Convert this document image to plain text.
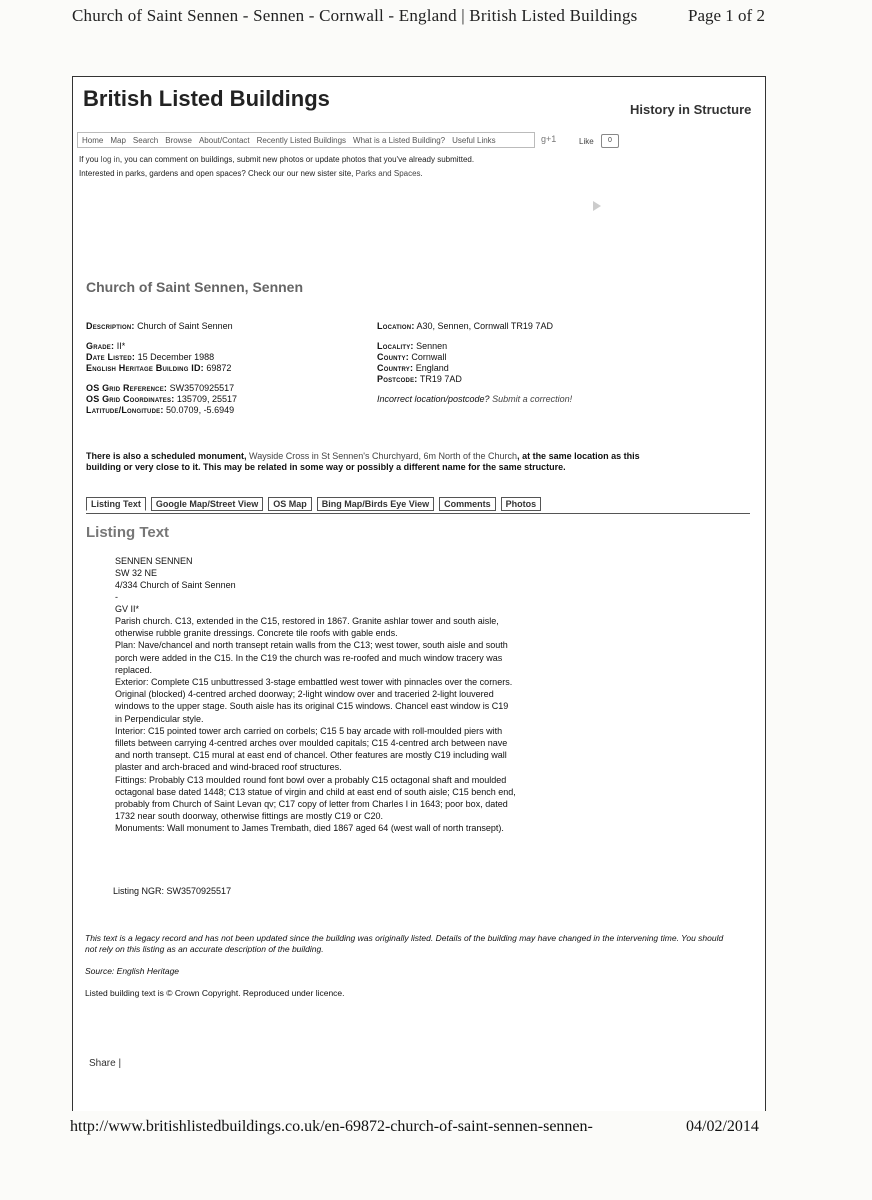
Church of Saint Sennen - Sennen - Cornwall - England | British Listed Buildings	Page 1 of 2
British Listed Buildings	History in Structure
Home Map Search Browse About/Contact Recently Listed Buildings What is a Listed Building? Useful Links	g+1	Like	0
If you log in, you can comment on buildings, submit new photos or update photos that you've already submitted.
Interested in parks, gardens and open spaces? Check our our new sister site, Parks and Spaces.
Church of Saint Sennen, Sennen
Description: Church of Saint Sennen
Grade: II*
Date Listed: 15 December 1988
English Heritage Building ID: 69872
OS Grid Reference: SW3570925517
OS Grid Coordinates: 135709, 25517
Latitude/Longitude: 50.0709, -5.6949
Location: A30, Sennen, Cornwall TR19 7AD
Locality: Sennen
County: Cornwall
Country: England
Postcode: TR19 7AD
Incorrect location/postcode? Submit a correction!
There is also a scheduled monument, Wayside Cross in St Sennen's Churchyard, 6m North of the Church, at the same location as this building or very close to it. This may be related in some way or possibly a different name for the same structure.
Listing Text	Google Map/Street View	OS Map	Bing Map/Birds Eye View	Comments	Photos
Listing Text
SENNEN SENNEN
SW 32 NE
4/334 Church of Saint Sennen
-
GV II*

Parish church. C13, extended in the C15, restored in 1867. Granite ashlar tower and south aisle, otherwise rubble granite dressings. Concrete tile roofs with gable ends.

Plan: Nave/chancel and north transept retain walls from the C13; west tower, south aisle and south porch were added in the C15. In the C19 the church was re-roofed and much window tracery was replaced.

Exterior: Complete C15 unbuttressed 3-stage embattled west tower with pinnacles over the corners. Original (blocked) 4-centred arched doorway; 2-light window over and traceried 2-light louvered windows to the upper stage. South aisle has its original C15 windows. Chancel east window is C19 in Perpendicular style.

Interior: C15 pointed tower arch carried on corbels; C15 5 bay arcade with roll-moulded piers with fillets between carrying 4-centred arches over moulded capitals; C15 4-centred arch between nave and north transept. C15 mural at east end of chancel. Other features are mostly C19 including wall plaster and arch-braced and wind-braced roof structures.

Fittings: Probably C13 moulded round font bowl over a probably C15 octagonal shaft and moulded octagonal base dated 1448; C13 statue of virgin and child at east end of south aisle; C15 bench end, probably from Church of Saint Levan qv; C17 copy of letter from Charles I in 1643; poor box, dated 1732 near south doorway, otherwise fittings are mostly C19 or C20.

Monuments: Wall monument to James Trembath, died 1867 aged 64 (west wall of north transept).

Listing NGR: SW3570925517
This text is a legacy record and has not been updated since the building was originally listed. Details of the building may have changed in the intervening time. You should not rely on this listing as an accurate description of the building.
Source: English Heritage
Listed building text is © Crown Copyright. Reproduced under licence.
Share |
http://www.britishlistedbuildings.co.uk/en-69872-church-of-saint-sennen-sennen-	04/02/2014
